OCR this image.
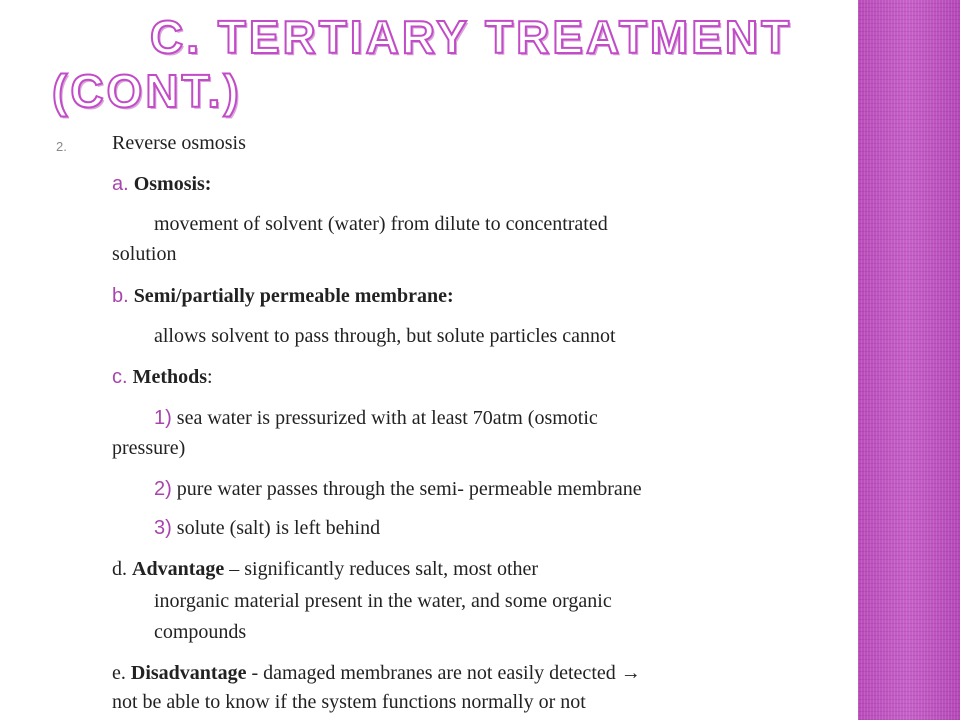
C. TERTIARY TREATMENT
(CONT.)
2. Reverse osmosis
a. Osmosis:
movement of solvent (water) from dilute to concentrated
solution
b. Semi/partially permeable membrane:
allows solvent to pass through, but solute particles cannot
c. Methods:
1) sea water is pressurized with at least 70atm (osmotic
pressure)
2) pure water passes through the semi- permeable membrane
3) solute (salt) is left behind
d. Advantage – significantly reduces salt, most other
inorganic material present in the water, and some organic
compounds
e. Disadvantage - damaged membranes are not easily detected →
not be able to know if the system functions normally or not
